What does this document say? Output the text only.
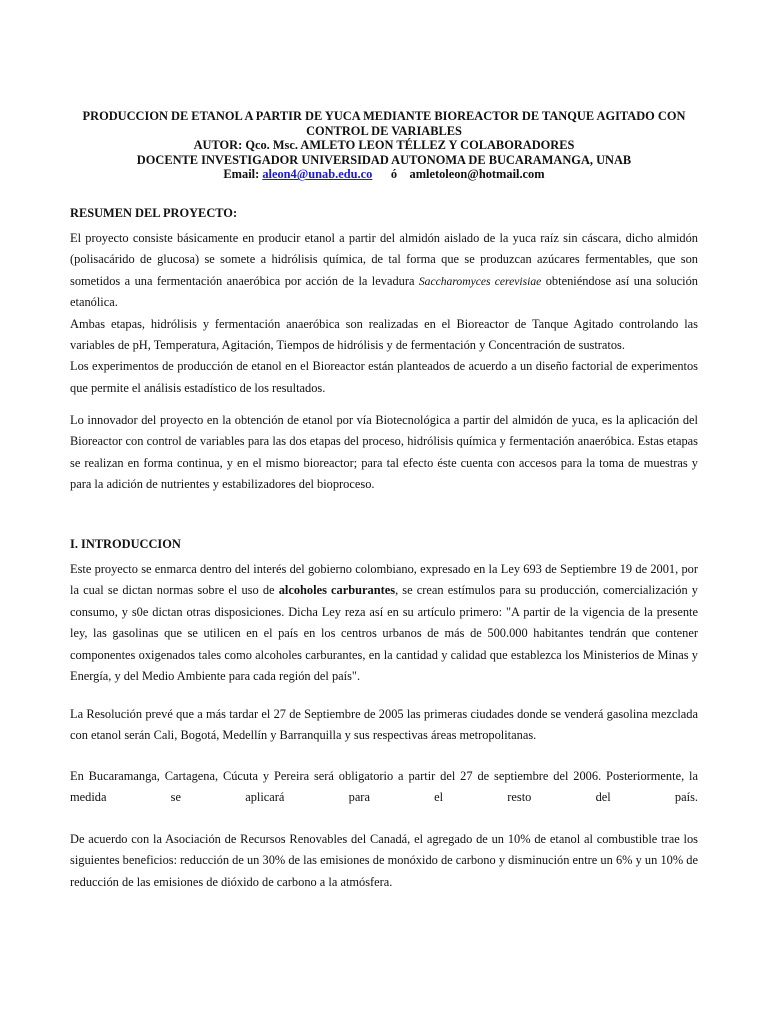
PRODUCCION DE ETANOL A PARTIR DE YUCA MEDIANTE BIOREACTOR DE TANQUE AGITADO CON
CONTROL DE VARIABLES
AUTOR: Qco. Msc. AMLETO LEON TÉLLEZ Y COLABORADORES
DOCENTE INVESTIGADOR UNIVERSIDAD AUTONOMA DE BUCARAMANGA, UNAB
Email: aleon4@unab.edu.co ó amletoleon@hotmail.com
RESUMEN DEL PROYECTO:

El proyecto consiste básicamente en producir etanol a partir del almidón aislado de la yuca raíz sin cáscara, dicho almidón (polisacárido de glucosa) se somete a hidrólisis química, de tal forma que se produzcan azúcares fermentables, que son sometidos a una fermentación anaeróbica por acción de la levadura Saccharomyces cerevisiae obteniéndose así una solución etanólica.

Ambas etapas, hidrólisis y fermentación anaeróbica son realizadas en el Bioreactor de Tanque Agitado controlando las variables de pH, Temperatura, Agitación, Tiempos de hidrólisis y de fermentación y Concentración de sustratos.

Los experimentos de producción de etanol en el Bioreactor están planteados de acuerdo a un diseño factorial de experimentos que permite el análisis estadístico de los resultados.

Lo innovador del proyecto en la obtención de etanol por vía Biotecnológica a partir del almidón de yuca, es la aplicación del Bioreactor con control de variables para las dos etapas del proceso, hidrólisis química y fermentación anaeróbica. Estas etapas se realizan en forma continua, y en el mismo bioreactor; para tal efecto éste cuenta con accesos para la toma de muestras y para la adición de nutrientes y estabilizadores del bioproceso.

I. INTRODUCCION

Este proyecto se enmarca dentro del interés del gobierno colombiano, expresado en la Ley 693 de Septiembre 19 de 2001, por la cual se dictan normas sobre el uso de alcoholes carburantes, se crean estímulos para su producción, comercialización y consumo, y s0e dictan otras disposiciones. Dicha Ley reza así en su artículo primero: "A partir de la vigencia de la presente ley, las gasolinas que se utilicen en el país en los centros urbanos de más de 500.000 habitantes tendrán que contener componentes oxigenados tales como alcoholes carburantes, en la cantidad y calidad que establezca los Ministerios de Minas y Energía, y del Medio Ambiente para cada región del país".

La Resolución prevé que a más tardar el 27 de Septiembre de 2005 las primeras ciudades donde se venderá gasolina mezclada con etanol serán Cali, Bogotá, Medellín y Barranquilla y sus respectivas áreas metropolitanas.

En Bucaramanga, Cartagena, Cúcuta y Pereira será obligatorio a partir del 27 de septiembre del 2006. Posteriormente, la medida se aplicará para el resto del país.

De acuerdo con la Asociación de Recursos Renovables del Canadá, el agregado de un 10% de etanol al combustible trae los siguientes beneficios: reducción de un 30% de las emisiones de monóxido de carbono y disminución entre un 6% y un 10% de reducción de las emisiones de dióxido de carbono a la atmósfera.
